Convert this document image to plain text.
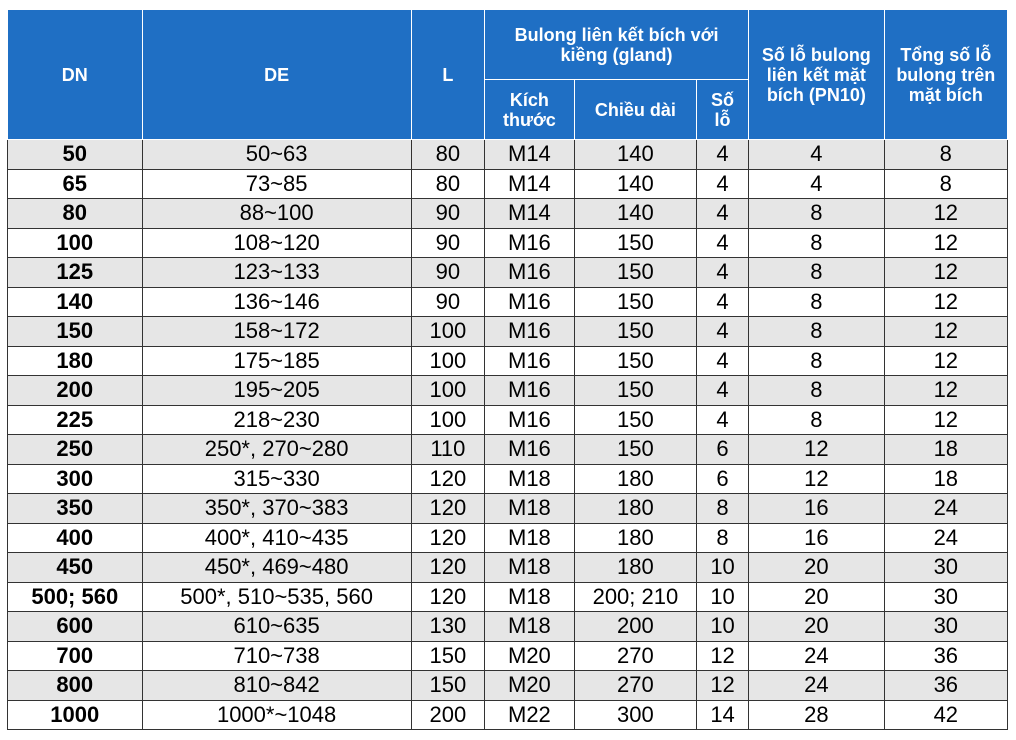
DN	DE	L	Bulong liên kết bích với kiềng (gland)			Số lỗ bulong liên kết mặt bích (PN10)	Tổng số lỗ bulong trên mặt bích
			Kích thước	Chiều dài	Số lỗ		
50	50~63	80	M14	140	4	4	8
65	73~85	80	M14	140	4	4	8
80	88~100	90	M14	140	4	8	12
100	108~120	90	M16	150	4	8	12
125	123~133	90	M16	150	4	8	12
140	136~146	90	M16	150	4	8	12
150	158~172	100	M16	150	4	8	12
180	175~185	100	M16	150	4	8	12
200	195~205	100	M16	150	4	8	12
225	218~230	100	M16	150	4	8	12
250	250*, 270~280	110	M16	150	6	12	18
300	315~330	120	M18	180	6	12	18
350	350*, 370~383	120	M18	180	8	16	24
400	400*, 410~435	120	M18	180	8	16	24
450	450*, 469~480	120	M18	180	10	20	30
500; 560	500*, 510~535, 560	120	M18	200; 210	10	20	30
600	610~635	130	M18	200	10	20	30
700	710~738	150	M20	270	12	24	36
800	810~842	150	M20	270	12	24	36
1000	1000*~1048	200	M22	300	14	28	42
